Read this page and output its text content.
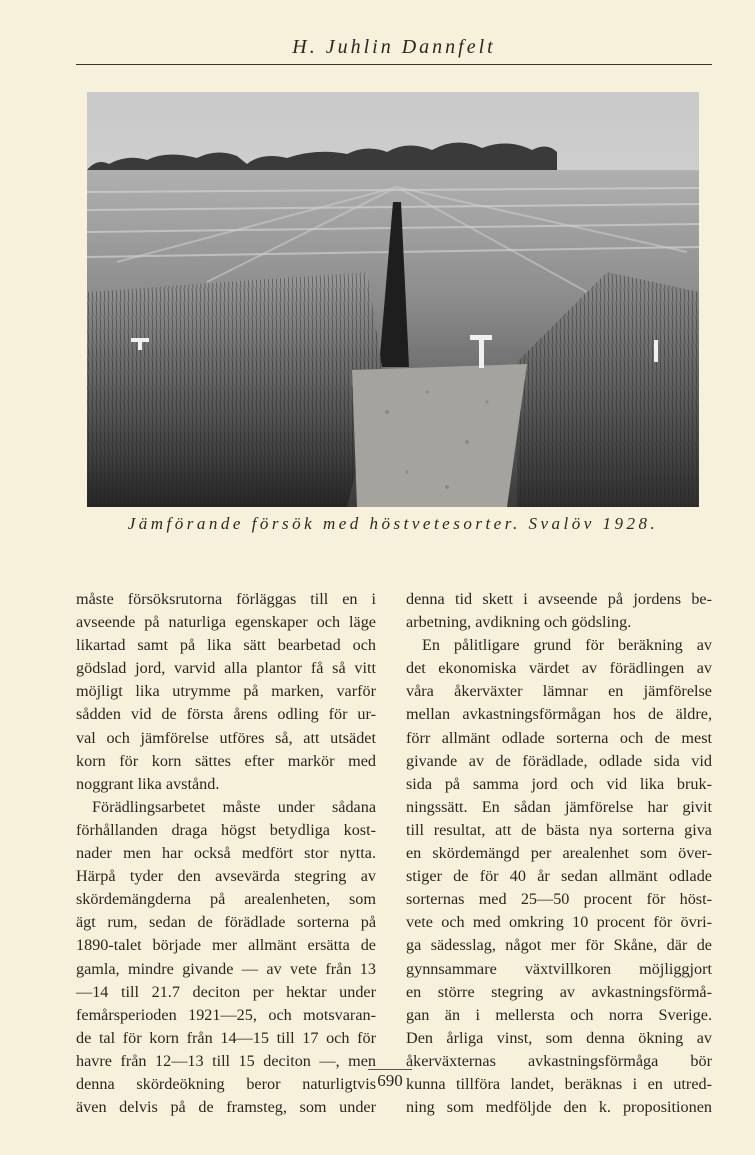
H. Juhlin Dannfelt
Jämförande försök med höstvetesorter. Svalöv 1928.
måste försöksrutorna förläggas till en i
avseende på naturliga egenskaper och läge
likartad samt på lika sätt bearbetad och
gödslad jord, varvid alla plantor få så vitt
möjligt lika utrymme på marken, varför
sådden vid de första årens odling för ur-
val och jämförelse utföres så, att utsädet
korn för korn sättes efter markör med
noggrant lika avstånd.
Förädlingsarbetet måste under sådana
förhållanden draga högst betydliga kost-
nader men har också medfört stor nytta.
Härpå tyder den avsevärda stegring av
skördemängderna på arealenheten, som
ägt rum, sedan de förädlade sorterna på
1890-talet började mer allmänt ersätta de
gamla, mindre givande — av vete från 13
—14 till 21.7 deciton per hektar under
femårsperioden 1921—25, och motsvaran-
de tal för korn från 14—15 till 17 och för
havre från 12—13 till 15 deciton —, men
denna skördeökning beror naturligtvis
även delvis på de framsteg, som under
denna tid skett i avseende på jordens be-
arbetning, avdikning och gödsling.
En pålitligare grund för beräkning av
det ekonomiska värdet av förädlingen av
våra åkerväxter lämnar en jämförelse
mellan avkastningsförmågan hos de äldre,
förr allmänt odlade sorterna och de mest
givande av de förädlade, odlade sida vid
sida på samma jord och vid lika bruk-
ningssätt. En sådan jämförelse har givit
till resultat, att de bästa nya sorterna giva
en skördemängd per arealenhet som över-
stiger de för 40 år sedan allmänt odlade
sorternas med 25—50 procent för höst-
vete och med omkring 10 procent för övri-
ga sädesslag, något mer för Skåne, där de
gynnsammare växtvillkoren möjliggjort
en större stegring av avkastningsförmå-
gan än i mellersta och norra Sverige.
Den årliga vinst, som denna ökning av
åkerväxternas avkastningsförmåga bör
kunna tillföra landet, beräknas i en utred-
ning som medföljde den k. propositionen
690
